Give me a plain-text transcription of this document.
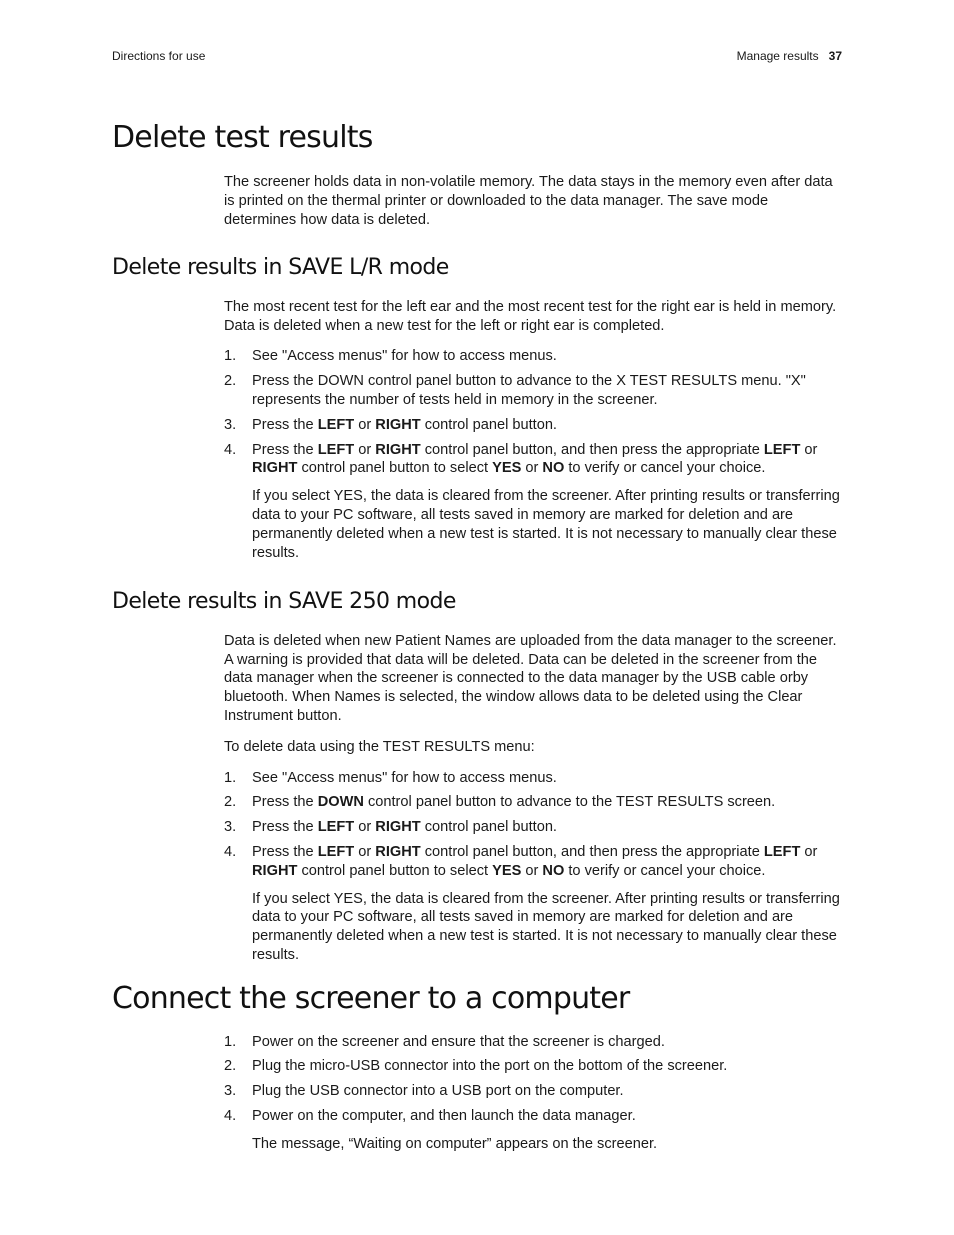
Directions for use	Manage results 37
Delete test results

The screener holds data in non-volatile memory. The data stays in the memory even after data is printed on the thermal printer or downloaded to the data manager. The save mode determines how data is deleted.

Delete results in SAVE L/R mode

The most recent test for the left ear and the most recent test for the right ear is held in memory. Data is deleted when a new test for the left or right ear is completed.

1. See "Access menus" for how to access menus.
2. Press the DOWN control panel button to advance to the X TEST RESULTS menu. "X" represents the number of tests held in memory in the screener.
3. Press the LEFT or RIGHT control panel button.
4. Press the LEFT or RIGHT control panel button, and then press the appropriate LEFT or RIGHT control panel button to select YES or NO to verify or cancel your choice.

If you select YES, the data is cleared from the screener. After printing results or transferring data to your PC software, all tests saved in memory are marked for deletion and are permanently deleted when a new test is started. It is not necessary to manually clear these results.

Delete results in SAVE 250 mode

Data is deleted when new Patient Names are uploaded from the data manager to the screener. A warning is provided that data will be deleted. Data can be deleted in the screener from the data manager when the screener is connected to the data manager by the USB cable orby bluetooth. When Names is selected, the window allows data to be deleted using the Clear Instrument button.

To delete data using the TEST RESULTS menu:

1. See "Access menus" for how to access menus.
2. Press the DOWN control panel button to advance to the TEST RESULTS screen.
3. Press the LEFT or RIGHT control panel button.
4. Press the LEFT or RIGHT control panel button, and then press the appropriate LEFT or RIGHT control panel button to select YES or NO to verify or cancel your choice.

If you select YES, the data is cleared from the screener. After printing results or transferring data to your PC software, all tests saved in memory are marked for deletion and are permanently deleted when a new test is started. It is not necessary to manually clear these results.

Connect the screener to a computer
1. Power on the screener and ensure that the screener is charged.
2. Plug the micro-USB connector into the port on the bottom of the screener.
3. Plug the USB connector into a USB port on the computer.
4. Power on the computer, and then launch the data manager.

The message, “Waiting on computer” appears on the screener.
